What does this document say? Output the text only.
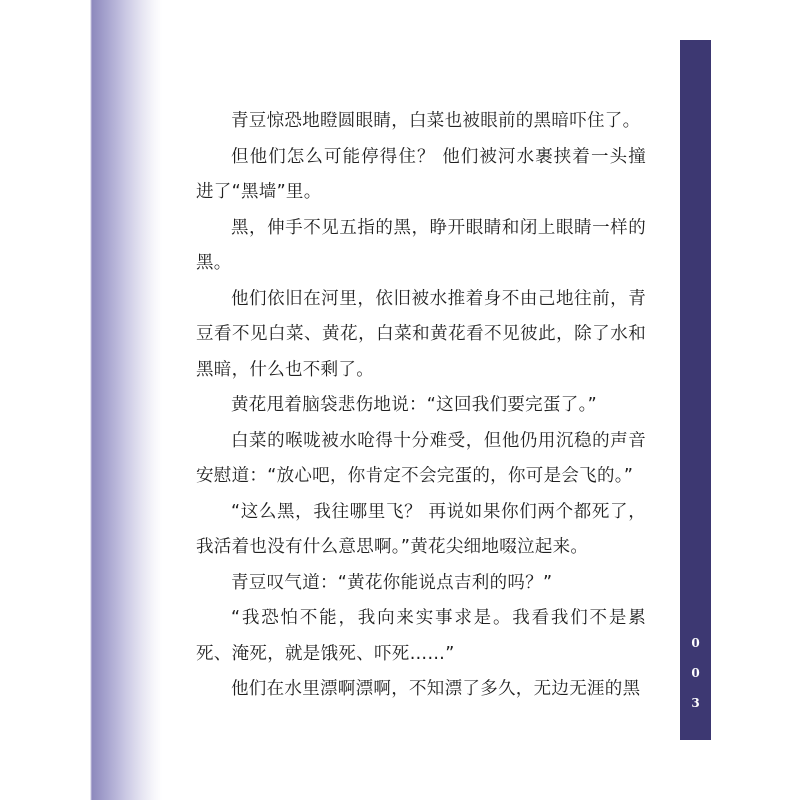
0
0
3

青豆惊恐地瞪圆眼睛，白菜也被眼前的黑暗吓住了。

但他们怎么可能停得住？ 他们被河水裹挟着一头撞进了“黑墙”里。

黑，伸手不见五指的黑，睁开眼睛和闭上眼睛一样的黑。

他们依旧在河里，依旧被水推着身不由己地往前，青豆看不见白菜、黄花，白菜和黄花看不见彼此，除了水和黑暗，什么也不剩了。

黄花甩着脑袋悲伤地说：“这回我们要完蛋了。”

白菜的喉咙被水呛得十分难受，但他仍用沉稳的声音安慰道：“放心吧，你肯定不会完蛋的，你可是会飞的。”

“这么黑，我往哪里飞？ 再说如果你们两个都死了，我活着也没有什么意思啊。”黄花尖细地啜泣起来。

青豆叹气道：“黄花你能说点吉利的吗？”

“我恐怕不能，我向来实事求是。我看我们不是累死、淹死，就是饿死、吓死……”

他们在水里漂啊漂啊，不知漂了多久，无边无涯的黑
